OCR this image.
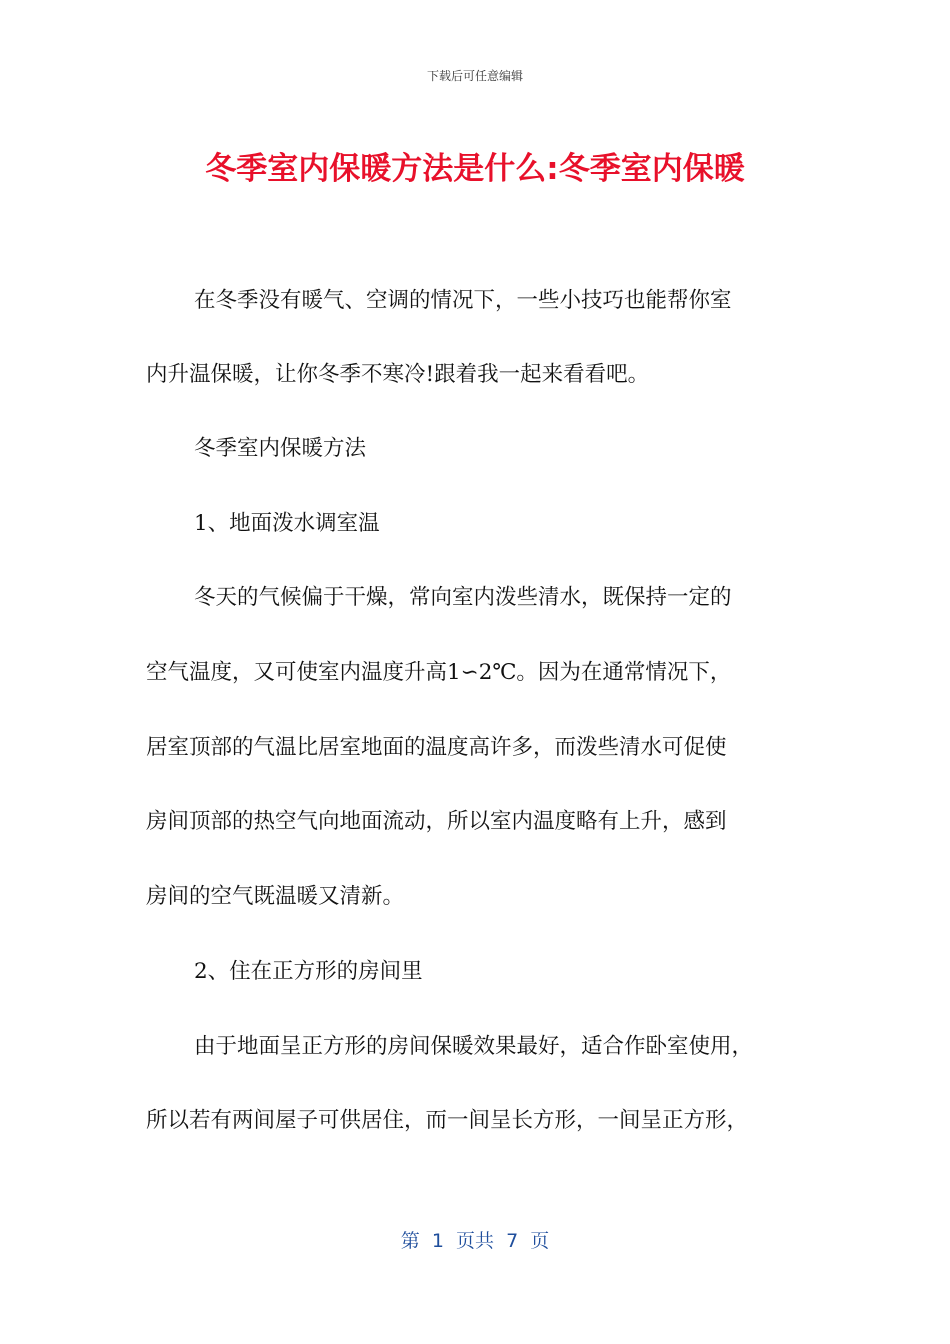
下载后可任意编辑
冬季室内保暖方法是什么:冬季室内保暖
在冬季没有暖气、空调的情况下，一些小技巧也能帮你室
内升温保暖，让你冬季不寒冷!跟着我一起来看看吧。
冬季室内保暖方法
1、地面泼水调室温
冬天的气候偏于干燥，常向室内泼些清水，既保持一定的
空气温度，又可使室内温度升高1∽2℃。因为在通常情况下，
居室顶部的气温比居室地面的温度高许多，而泼些清水可促使
房间顶部的热空气向地面流动，所以室内温度略有上升，感到
房间的空气既温暖又清新。
2、住在正方形的房间里
由于地面呈正方形的房间保暖效果最好，适合作卧室使用，
所以若有两间屋子可供居住，而一间呈长方形，一间呈正方形，
第  1  页共  7  页
